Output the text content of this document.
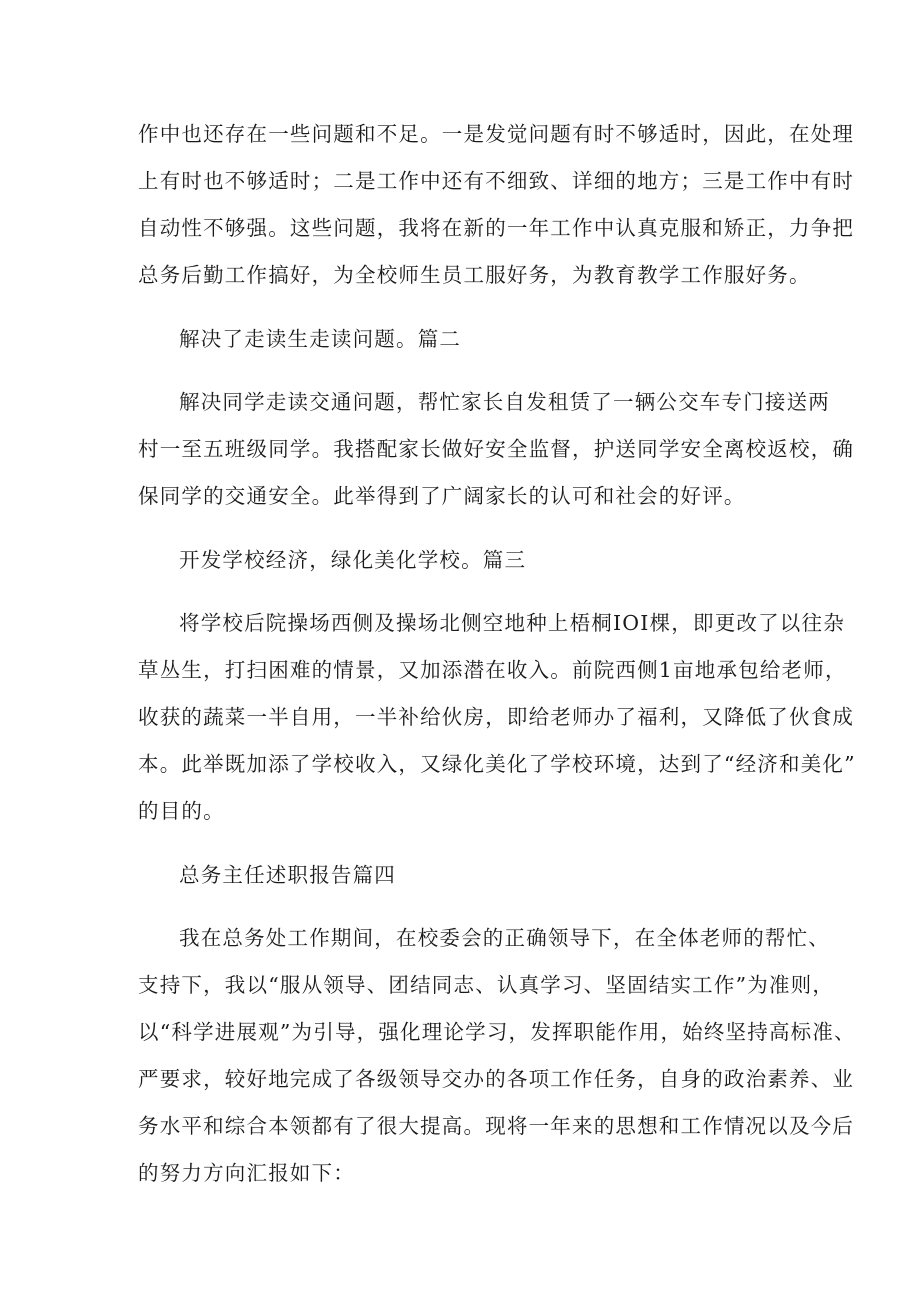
作中也还存在一些问题和不足。一是发觉问题有时不够适时，因此，在处理
上有时也不够适时；二是工作中还有不细致、详细的地方；三是工作中有时
自动性不够强。这些问题，我将在新的一年工作中认真克服和矫正，力争把
总务后勤工作搞好，为全校师生员工服好务，为教育教学工作服好务。
解决了走读生走读问题。篇二
解决同学走读交通问题，帮忙家长自发租赁了一辆公交车专门接送两
村一至五班级同学。我搭配家长做好安全监督，护送同学安全离校返校，确
保同学的交通安全。此举得到了广阔家长的认可和社会的好评。
开发学校经济，绿化美化学校。篇三
将学校后院操场西侧及操场北侧空地种上梧桐IOI棵，即更改了以往杂
草丛生，打扫困难的情景，又加添潜在收入。前院西侧1亩地承包给老师，
收获的蔬菜一半自用，一半补给伙房，即给老师办了福利，又降低了伙食成
本。此举既加添了学校收入，又绿化美化了学校环境，达到了“经济和美化”
的目的。
总务主任述职报告篇四
我在总务处工作期间，在校委会的正确领导下，在全体老师的帮忙、
支持下，我以“服从领导、团结同志、认真学习、坚固结实工作”为准则，
以“科学进展观”为引导，强化理论学习，发挥职能作用，始终坚持高标准、
严要求，较好地完成了各级领导交办的各项工作任务，自身的政治素养、业
务水平和综合本领都有了很大提高。现将一年来的思想和工作情况以及今后
的努力方向汇报如下：
